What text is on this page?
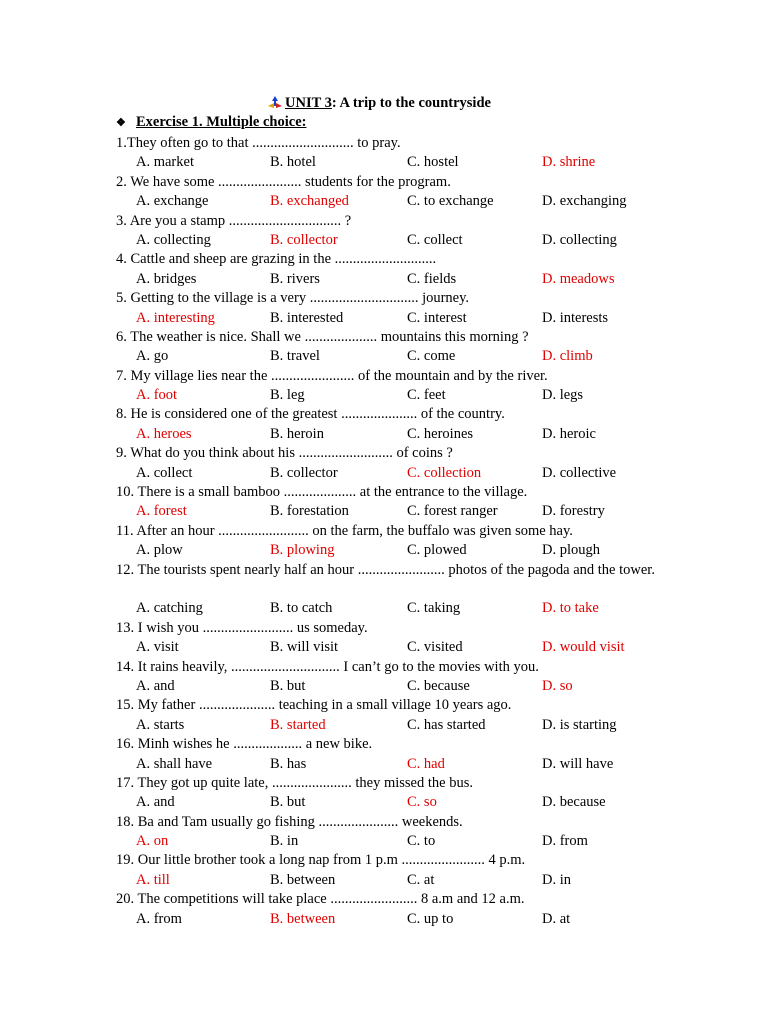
UNIT 3: A trip to the countryside
❖ Exercise 1. Multiple choice:
1.They often go to that ............................ to pray.
A. market	B. hotel	C. hostel	D. shrine
2. We have some ....................... students for the program.
A. exchange	B. exchanged	C. to exchange	D. exchanging
3. Are you a stamp ............................... ?
A. collecting	B. collector	C. collect	D. collecting
4. Cattle and sheep are grazing in the ............................
A. bridges	B. rivers	C. fields	D. meadows
5. Getting to the village is a very .............................. journey.
A. interesting	B. interested	C. interest	D. interests
6. The weather is nice. Shall we .................... mountains this morning ?
A. go	B. travel	C. come	D. climb
7. My village lies near the ....................... of the mountain and by the river.
A. foot	B. leg	C. feet	D. legs
8. He is considered one of the greatest ..................... of the country.
A. heroes	B. heroin	C. heroines	D. heroic
9. What do you think about his .......................... of coins ?
A. collect	B. collector	C. collection	D. collective
10. There is a small bamboo .................... at the entrance to the village.
A. forest	B. forestation	C. forest ranger	D. forestry
11. After an hour ......................... on the farm, the buffalo was given some hay.
A. plow	B. plowing	C. plowed	D. plough
12. The tourists spent nearly half an hour ........................ photos of the pagoda and the tower.
A. catching	B. to catch	C. taking	D. to take
13. I wish you ......................... us someday.
A. visit	B. will visit	C. visited	D. would visit
14. It rains heavily, .............................. I can’t go to the movies with you.
A. and	B. but	C. because	D. so
15. My father ..................... teaching in a small village 10 years ago.
A. starts	B. started	C. has started	D. is starting
16. Minh wishes he ................... a new bike.
A. shall have	B. has	C. had	D. will have
17. They got up quite late, ...................... they missed the bus.
A. and	B. but	C. so	D. because
18. Ba and Tam usually go fishing ...................... weekends.
A. on	B. in	C. to	D. from
19. Our little brother took a long nap from 1 p.m ....................... 4 p.m.
A. till	B. between	C. at	D. in
20. The competitions will take place ........................ 8 a.m and 12 a.m.
A. from	B. between	C. up to	D. at
